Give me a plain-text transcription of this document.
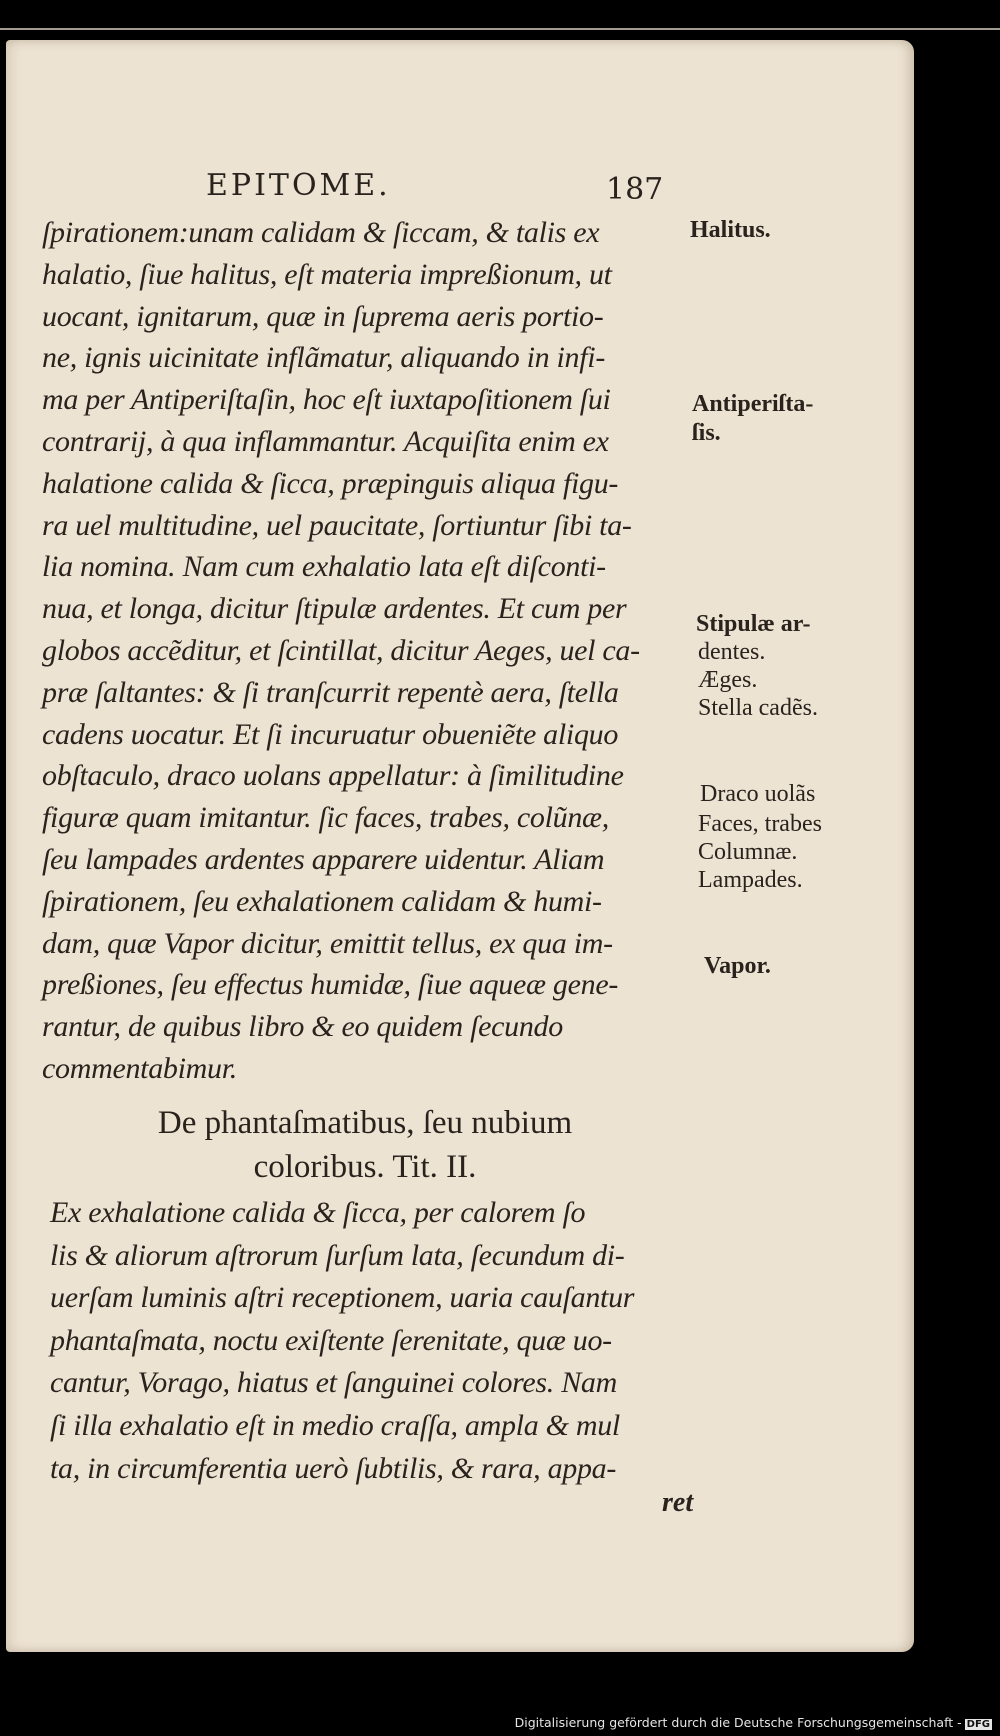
EPITOME.	187
ſpirationem:unam calidam & ſiccam, & talis ex
halatio, ſiue halitus, eſt materia impreßionum, ut
uocant, ignitarum, quæ in ſuprema aeris portio-
ne, ignis uicinitate inflãmatur, aliquando in infi-
ma per Antiperiſtaſin, hoc eſt iuxtapoſitionem ſui
contrarij, à qua inflammantur. Acquiſita enim ex
halatione calida & ſicca, præpinguis aliqua figu-
ra uel multitudine, uel paucitate, ſortiuntur ſibi ta-
lia nomina. Nam cum exhalatio lata eſt diſconti-
nua, et longa, dicitur ſtipulæ ardentes. Et cum per
globos accẽditur, et ſcintillat, dicitur Aeges, uel ca-
præ ſaltantes: & ſi tranſcurrit repentè aera, ſtella
cadens uocatur. Et ſi incuruatur obueniẽte aliquo
obſtaculo, draco uolans appellatur: à ſimilitudine
figuræ quam imitantur. ſic faces, trabes, colũnæ,
ſeu lampades ardentes apparere uidentur. Aliam
ſpirationem, ſeu exhalationem calidam & humi-
dam, quæ Vapor dicitur, emittit tellus, ex qua im-
preßiones, ſeu effectus humidæ, ſiue aqueæ gene-
rantur, de quibus libro & eo quidem ſecundo
commentabimur.
De phantaſmatibus, ſeu nubium
coloribus. Tit. II.
Ex exhalatione calida & ſicca, per calorem ſo
lis & aliorum aſtrorum ſurſum lata, ſecundum di-
uerſam luminis aſtri receptionem, uaria cauſantur
phantaſmata, noctu exiſtente ſerenitate, quæ uo-
cantur, Vorago, hiatus et ſanguinei colores. Nam
ſi illa exhalatio eſt in medio craſſa, ampla & mul
ta, in circumferentia uerò ſubtilis, & rara, appa-
ret
Halitus.
Antiperiſta-
ſis.
Stipulæ ar-
dentes.
Æges.
Stella cadẽs.
Draco uolãs
Faces, trabes
Columnæ.
Lampades.
Vapor.
Digitalisierung gefördert durch die Deutsche Forschungsgemeinschaft - DFG
